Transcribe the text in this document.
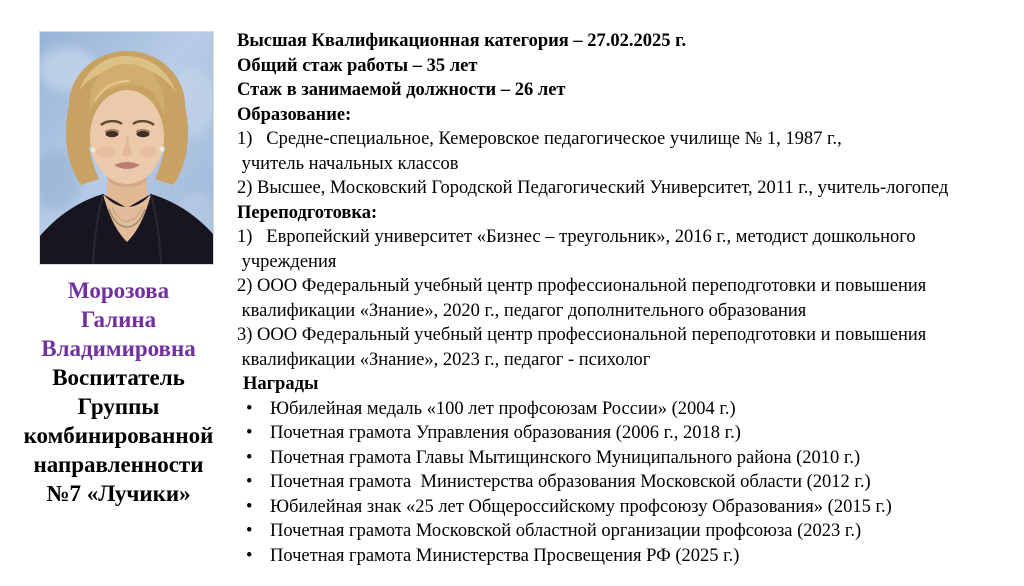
Морозова
Галина
Владимировна
Воспитатель
Группы
комбинированной
направленности
№7 «Лучики»
Высшая Квалификационная категория – 27.02.2025 г.
Общий стаж работы – 35 лет
Стаж в занимаемой должности – 26 лет
Образование:
1)   Средне-специальное, Кемеровское педагогическое училище № 1, 1987 г.,
учитель начальных классов
2) Высшее, Московский Городской Педагогический Университет, 2011 г., учитель-логопед
Переподготовка:
1)   Европейский университет «Бизнес – треугольник», 2016 г., методист дошкольного
учреждения
2) ООО Федеральный учебный центр профессиональной переподготовки и повышения
квалификации «Знание», 2020 г., педагог дополнительного образования
3) ООО Федеральный учебный центр профессиональной переподготовки и повышения
квалификации «Знание», 2023 г., педагог - психолог
Награды
• Юбилейная медаль «100 лет профсоюзам России» (2004 г.)
• Почетная грамота Управления образования (2006 г., 2018 г.)
• Почетная грамота Главы Мытищинского Муниципального района (2010 г.)
• Почетная грамота  Министерства образования Московской области (2012 г.)
• Юбилейная знак «25 лет Общероссийскому профсоюзу Образования» (2015 г.)
• Почетная грамота Московской областной организации профсоюза (2023 г.)
• Почетная грамота Министерства Просвещения РФ (2025 г.)
